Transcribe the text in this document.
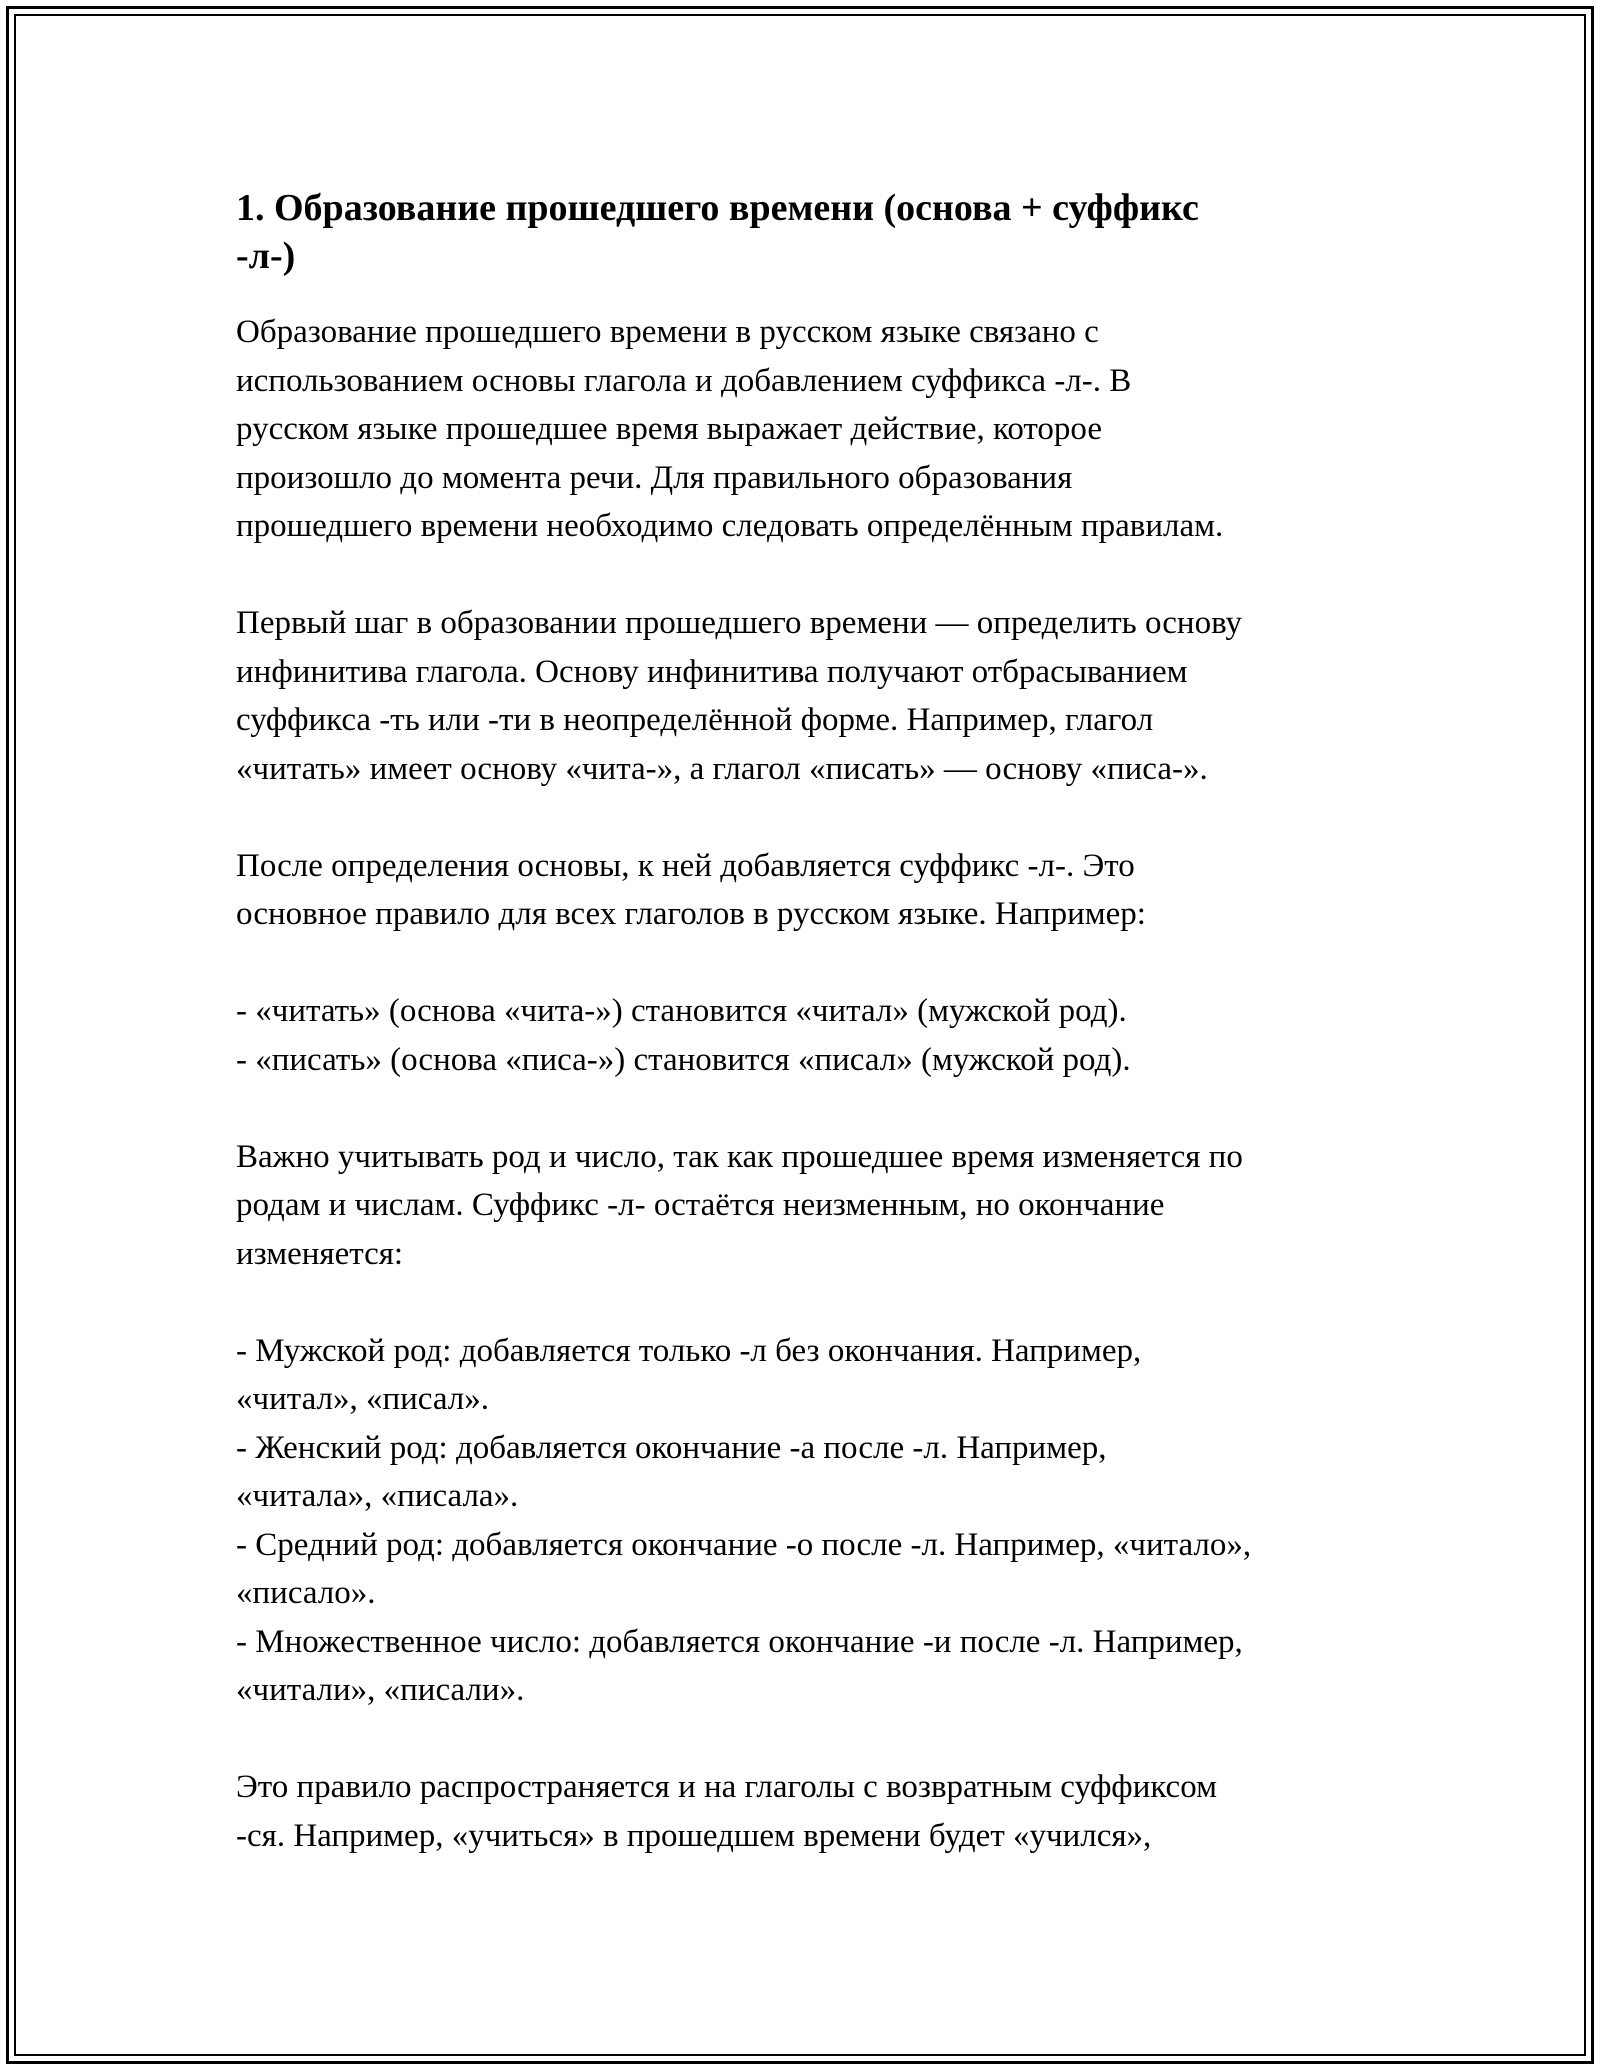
1. Образование прошедшего времени (основа + суффикс
-л-)

Образование прошедшего времени в русском языке связано с
использованием основы глагола и добавлением суффикса -л-. В
русском языке прошедшее время выражает действие, которое
произошло до момента речи. Для правильного образования
прошедшего времени необходимо следовать определённым правилам.

Первый шаг в образовании прошедшего времени — определить основу
инфинитива глагола. Основу инфинитива получают отбрасыванием
суффикса -ть или -ти в неопределённой форме. Например, глагол
«читать» имеет основу «чита-», а глагол «писать» — основу «писа-».

После определения основы, к ней добавляется суффикс -л-. Это
основное правило для всех глаголов в русском языке. Например:

- «читать» (основа «чита-») становится «читал» (мужской род).
- «писать» (основа «писа-») становится «писал» (мужской род).

Важно учитывать род и число, так как прошедшее время изменяется по
родам и числам. Суффикс -л- остаётся неизменным, но окончание
изменяется:

- Мужской род: добавляется только -л без окончания. Например,
«читал», «писал».
- Женский род: добавляется окончание -а после -л. Например,
«читала», «писала».
- Средний род: добавляется окончание -о после -л. Например, «читало»,
«писало».
- Множественное число: добавляется окончание -и после -л. Например,
«читали», «писали».

Это правило распространяется и на глаголы с возвратным суффиксом
-ся. Например, «учиться» в прошедшем времени будет «учился»,
